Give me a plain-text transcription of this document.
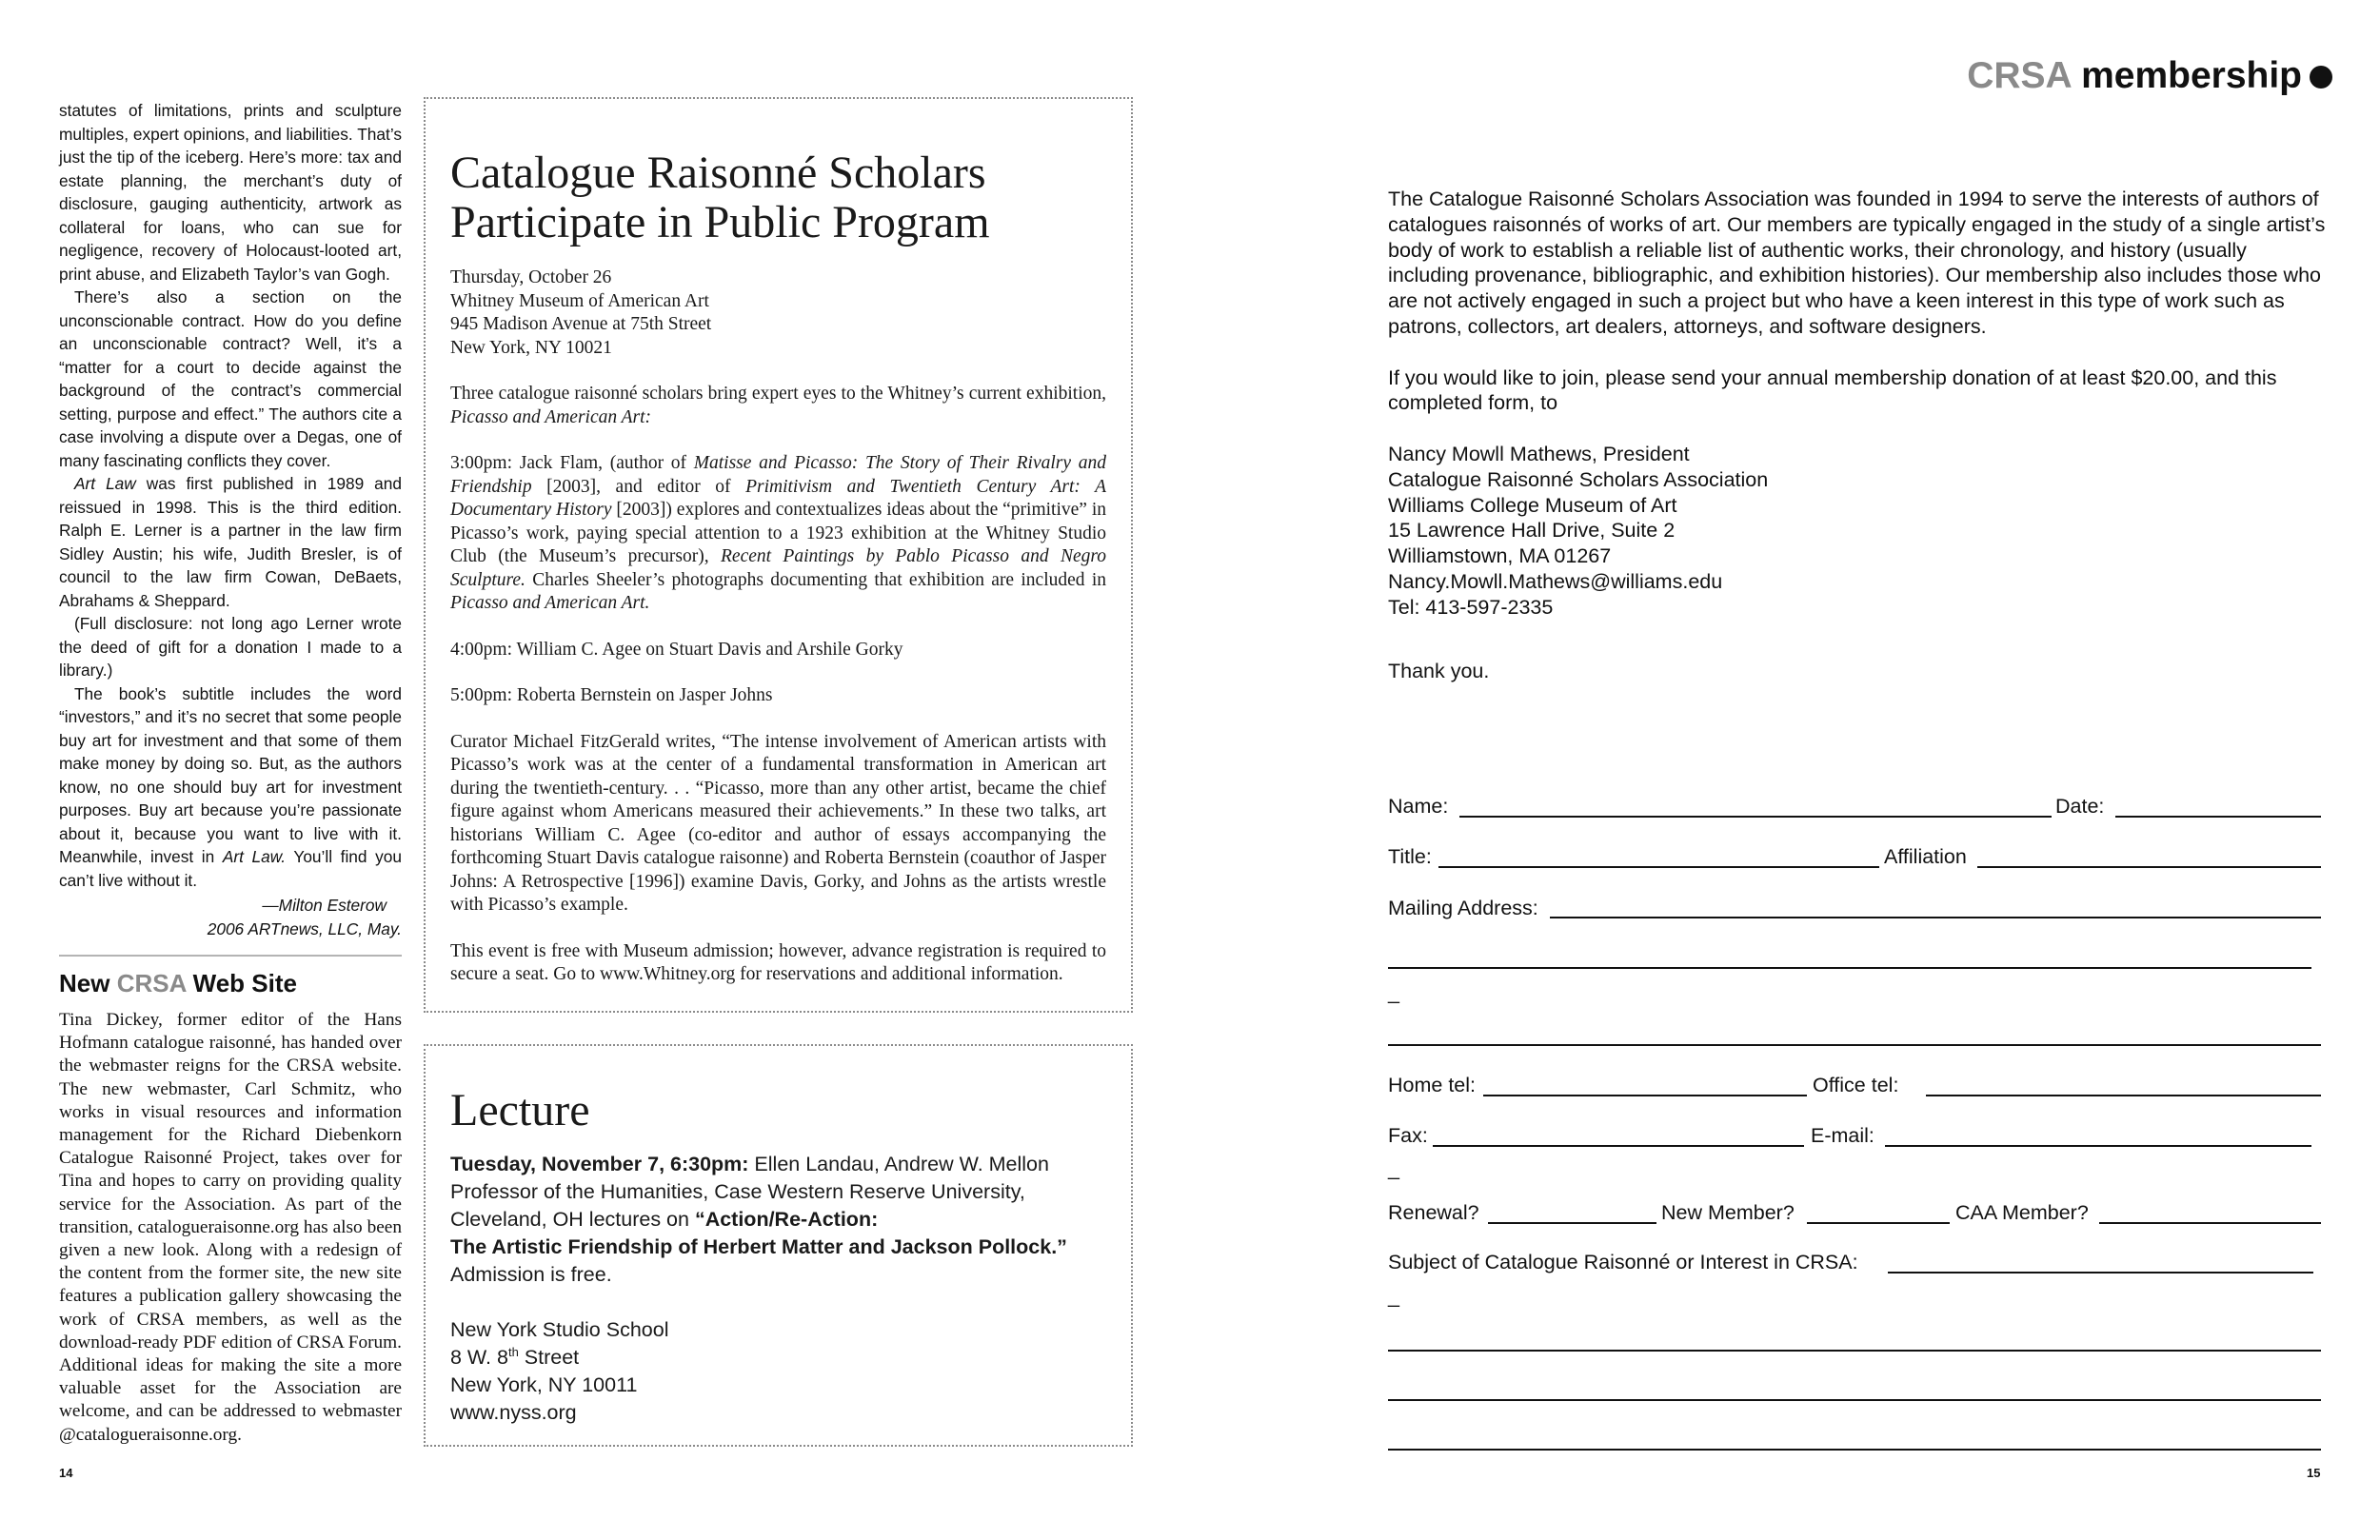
statutes of limitations, prints and sculpture multiples, expert opinions, and liabilities. That’s just the tip of the iceberg. Here’s more: tax and estate planning, the merchant’s duty of disclosure, gauging authenticity, artwork as collateral for loans, who can sue for negligence, recovery of Holocaust-looted art, print abuse, and Elizabeth Taylor’s van Gogh.

There’s also a section on the unconscionable contract. How do you define an unconscionable contract? Well, it’s a “matter for a court to decide against the background of the contract’s commercial setting, purpose and effect.” The authors cite a case involving a dispute over a Degas, one of many fascinating conflicts they cover.

Art Law was first published in 1989 and reissued in 1998. This is the third edition. Ralph E. Lerner is a partner in the law firm Sidley Austin; his wife, Judith Bresler, is of council to the law firm Cowan, DeBaets, Abrahams & Sheppard.

(Full disclosure: not long ago Lerner wrote the deed of gift for a donation I made to a library.)

The book’s subtitle includes the word “investors,” and it’s no secret that some people buy art for investment and that some of them make money by doing so. But, as the authors know, no one should buy art for investment purposes. Buy art because you’re passionate about it, because you want to live with it. Meanwhile, invest in Art Law. You’ll find you can’t live without it.

—Milton Esterow

2006 ARTnews, LLC, May.

New CRSA Web Site
Tina Dickey, former editor of the Hans Hofmann catalogue raisonné, has handed over the webmaster reigns for the CRSA website. The new webmaster, Carl Schmitz, who works in visual resources and information management for the Richard Diebenkorn Catalogue Raisonné Project, takes over for Tina and hopes to carry on providing quality service for the Association. As part of the transition, catalogueraisonne.org has also been given a new look. Along with a redesign of the content from the former site, the new site features a publication gallery showcasing the work of CRSA members, as well as the download-ready PDF edition of CRSA Forum. Additional ideas for making the site a more valuable asset for the Association are welcome, and can be addressed to webmaster @catalogueraisonne.org.
Catalogue Raisonné Scholars
Participate in Public Program

Thursday, October 26

Whitney Museum of American Art

945 Madison Avenue at 75th Street

New York, NY 10021

Three catalogue raisonné scholars bring expert eyes to the Whitney’s current exhibition, Picasso and American Art:

3:00pm: Jack Flam, (author of Matisse and Picasso: The Story of Their Rivalry and Friendship [2003], and editor of Primitivism and Twentieth Century Art: A Documentary History [2003]) explores and contextualizes ideas about the “primitive” in Picasso’s work, paying special attention to a 1923 exhibition at the Whitney Studio Club (the Museum’s precursor), Recent Paintings by Pablo Picasso and Negro Sculpture. Charles Sheeler’s photographs documenting that exhibition are included in Picasso and American Art.

4:00pm: William C. Agee on Stuart Davis and Arshile Gorky

5:00pm: Roberta Bernstein on Jasper Johns

Curator Michael FitzGerald writes, “The intense involvement of American artists with Picasso’s work was at the center of a fundamental transformation in American art during the twentieth-century. . . “Picasso, more than any other artist, became the chief figure against whom Americans measured their achievements.” In these two talks, art historians William C. Agee (co-editor and author of essays accompanying the forthcoming Stuart Davis catalogue raisonne) and Roberta Bernstein (coauthor of Jasper Johns: A Retrospective [1996]) examine Davis, Gorky, and Johns as the artists wrestle with Picasso’s example.

This event is free with Museum admission; however, advance registration is required to secure a seat. Go to www.Whitney.org for reservations and additional information.

Lecture

Tuesday, November 7, 6:30pm: Ellen Landau, Andrew W. Mellon Professor of the Humanities, Case Western Reserve University, Cleveland, OH lectures on “Action/Re-Action:
The Artistic Friendship of Herbert Matter and Jackson Pollock.”
Admission is free.

New York Studio School

8 W. 8th Street

New York, NY 10011

www.nyss.org

14
CRSA membership

The Catalogue Raisonné Scholars Association was founded in 1994 to serve the interests of authors of catalogues raisonnés of works of art. Our members are typically engaged in the study of a single artist’s body of work to establish a reliable list of authentic works, their chronology, and history (usually including provenance, bibliographic, and exhibition histories). Our membership also includes those who are not actively engaged in such a project but who have a keen interest in this type of work such as patrons, collectors, art dealers, attorneys, and software designers.

If you would like to join, please send your annual membership donation of at least $20.00, and this completed form, to

Nancy Mowll Mathews, President

Catalogue Raisonné Scholars Association

Williams College Museum of Art

15 Lawrence Hall Drive, Suite 2

Williamstown, MA 01267

Nancy.Mowll.Mathews@williams.edu

Tel: 413-597-2335

Thank you.

Name:	Date:
Title:	Affiliation
Mailing Address:
_
Home tel:	Office tel:
Fax:	E-mail:
_
Renewal?	New Member?	CAA Member?
Subject of Catalogue Raisonné or Interest in CRSA:
_
15
